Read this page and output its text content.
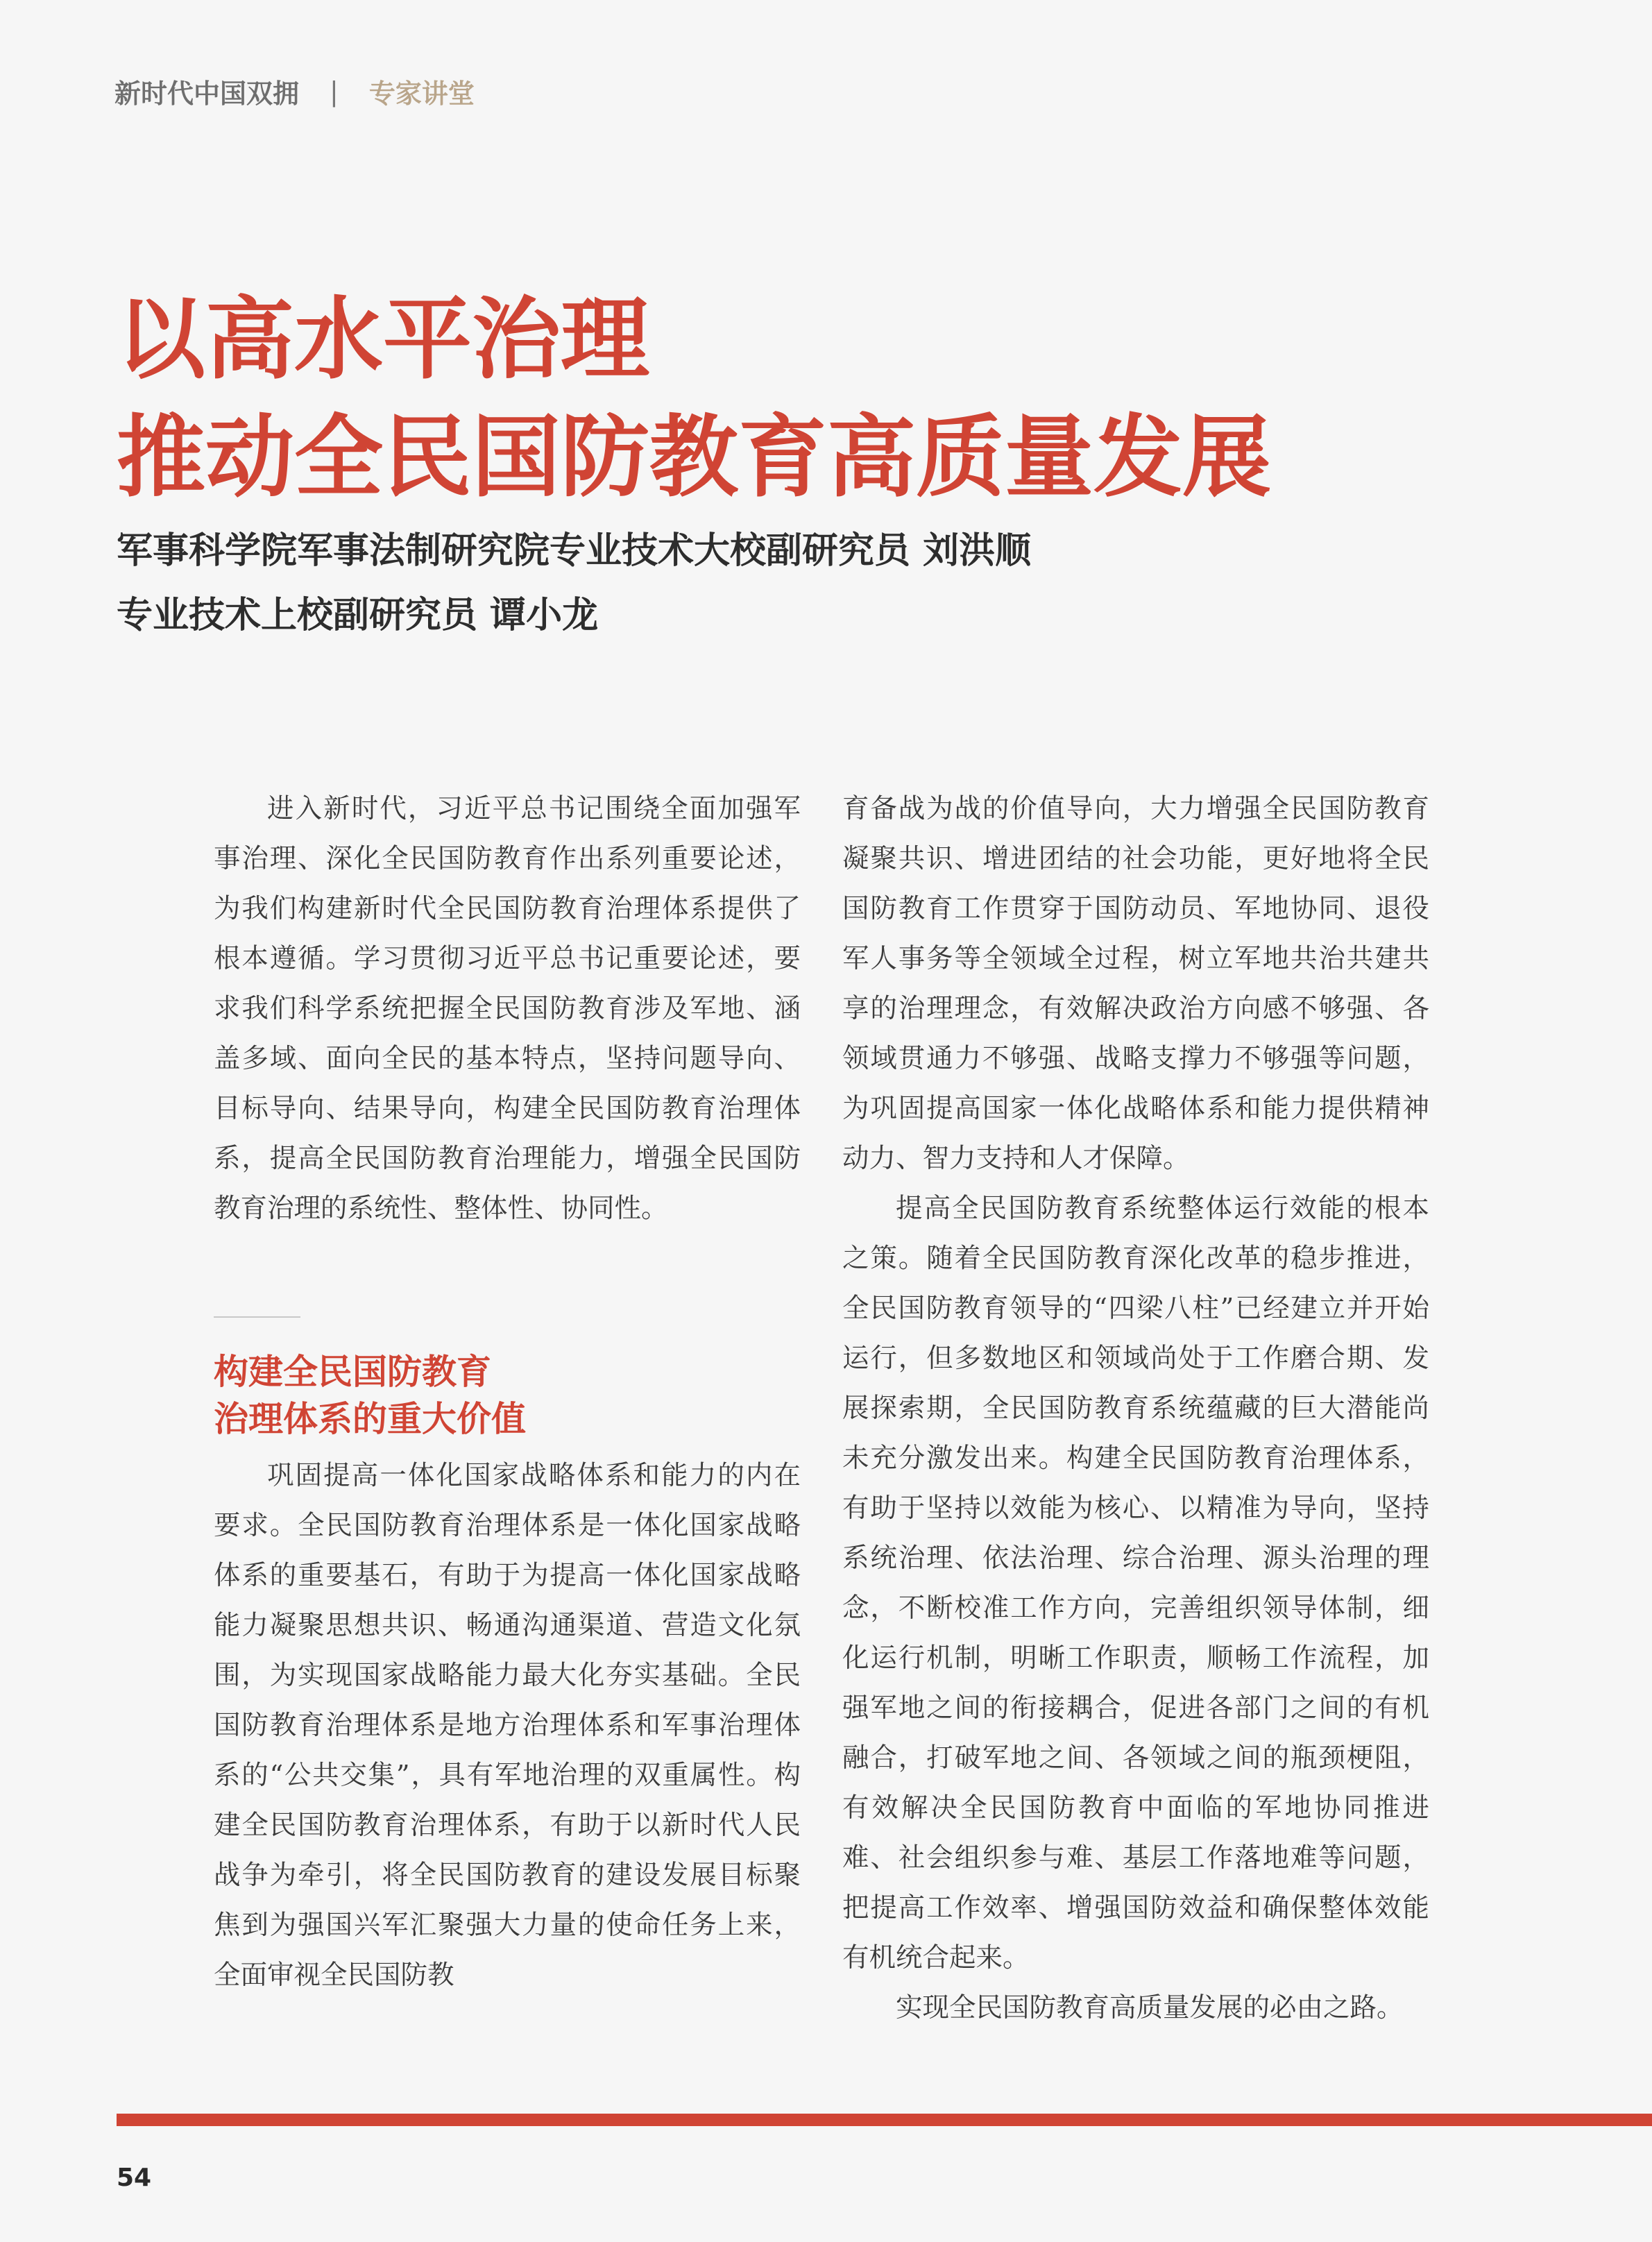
新时代中国双拥 | 专家讲堂
以高水平治理
推动全民国防教育高质量发展
军事科学院军事法制研究院专业技术大校副研究员 刘洪顺
专业技术上校副研究员 谭小龙

进入新时代，习近平总书记围绕全面加强军事治理、深化全民国防教育作出系列重要论述，为我们构建新时代全民国防教育治理体系提供了根本遵循。学习贯彻习近平总书记重要论述，要求我们科学系统把握全民国防教育涉及军地、涵盖多域、面向全民的基本特点，坚持问题导向、目标导向、结果导向，构建全民国防教育治理体系，提高全民国防教育治理能力，增强全民国防教育治理的系统性、整体性、协同性。

构建全民国防教育
治理体系的重大价值

巩固提高一体化国家战略体系和能力的内在要求。全民国防教育治理体系是一体化国家战略体系的重要基石，有助于为提高一体化国家战略能力凝聚思想共识、畅通沟通渠道、营造文化氛围，为实现国家战略能力最大化夯实基础。全民国防教育治理体系是地方治理体系和军事治理体系的“公共交集”，具有军地治理的双重属性。构建全民国防教育治理体系，有助于以新时代人民战争为牵引，将全民国防教育的建设发展目标聚焦到为强国兴军汇聚强大力量的使命任务上来，全面审视全民国防教

育备战为战的价值导向，大力增强全民国防教育凝聚共识、增进团结的社会功能，更好地将全民国防教育工作贯穿于国防动员、军地协同、退役军人事务等全领域全过程，树立军地共治共建共享的治理理念，有效解决政治方向感不够强、各领域贯通力不够强、战略支撑力不够强等问题，为巩固提高国家一体化战略体系和能力提供精神动力、智力支持和人才保障。

提高全民国防教育系统整体运行效能的根本之策。随着全民国防教育深化改革的稳步推进，全民国防教育领导的“四梁八柱”已经建立并开始运行，但多数地区和领域尚处于工作磨合期、发展探索期，全民国防教育系统蕴藏的巨大潜能尚未充分激发出来。构建全民国防教育治理体系，有助于坚持以效能为核心、以精准为导向，坚持系统治理、依法治理、综合治理、源头治理的理念，不断校准工作方向，完善组织领导体制，细化运行机制，明晰工作职责，顺畅工作流程，加强军地之间的衔接耦合，促进各部门之间的有机融合，打破军地之间、各领域之间的瓶颈梗阻，有效解决全民国防教育中面临的军地协同推进难、社会组织参与难、基层工作落地难等问题，把提高工作效率、增强国防效益和确保整体效能有机统合起来。

实现全民国防教育高质量发展的必由之路。

54
